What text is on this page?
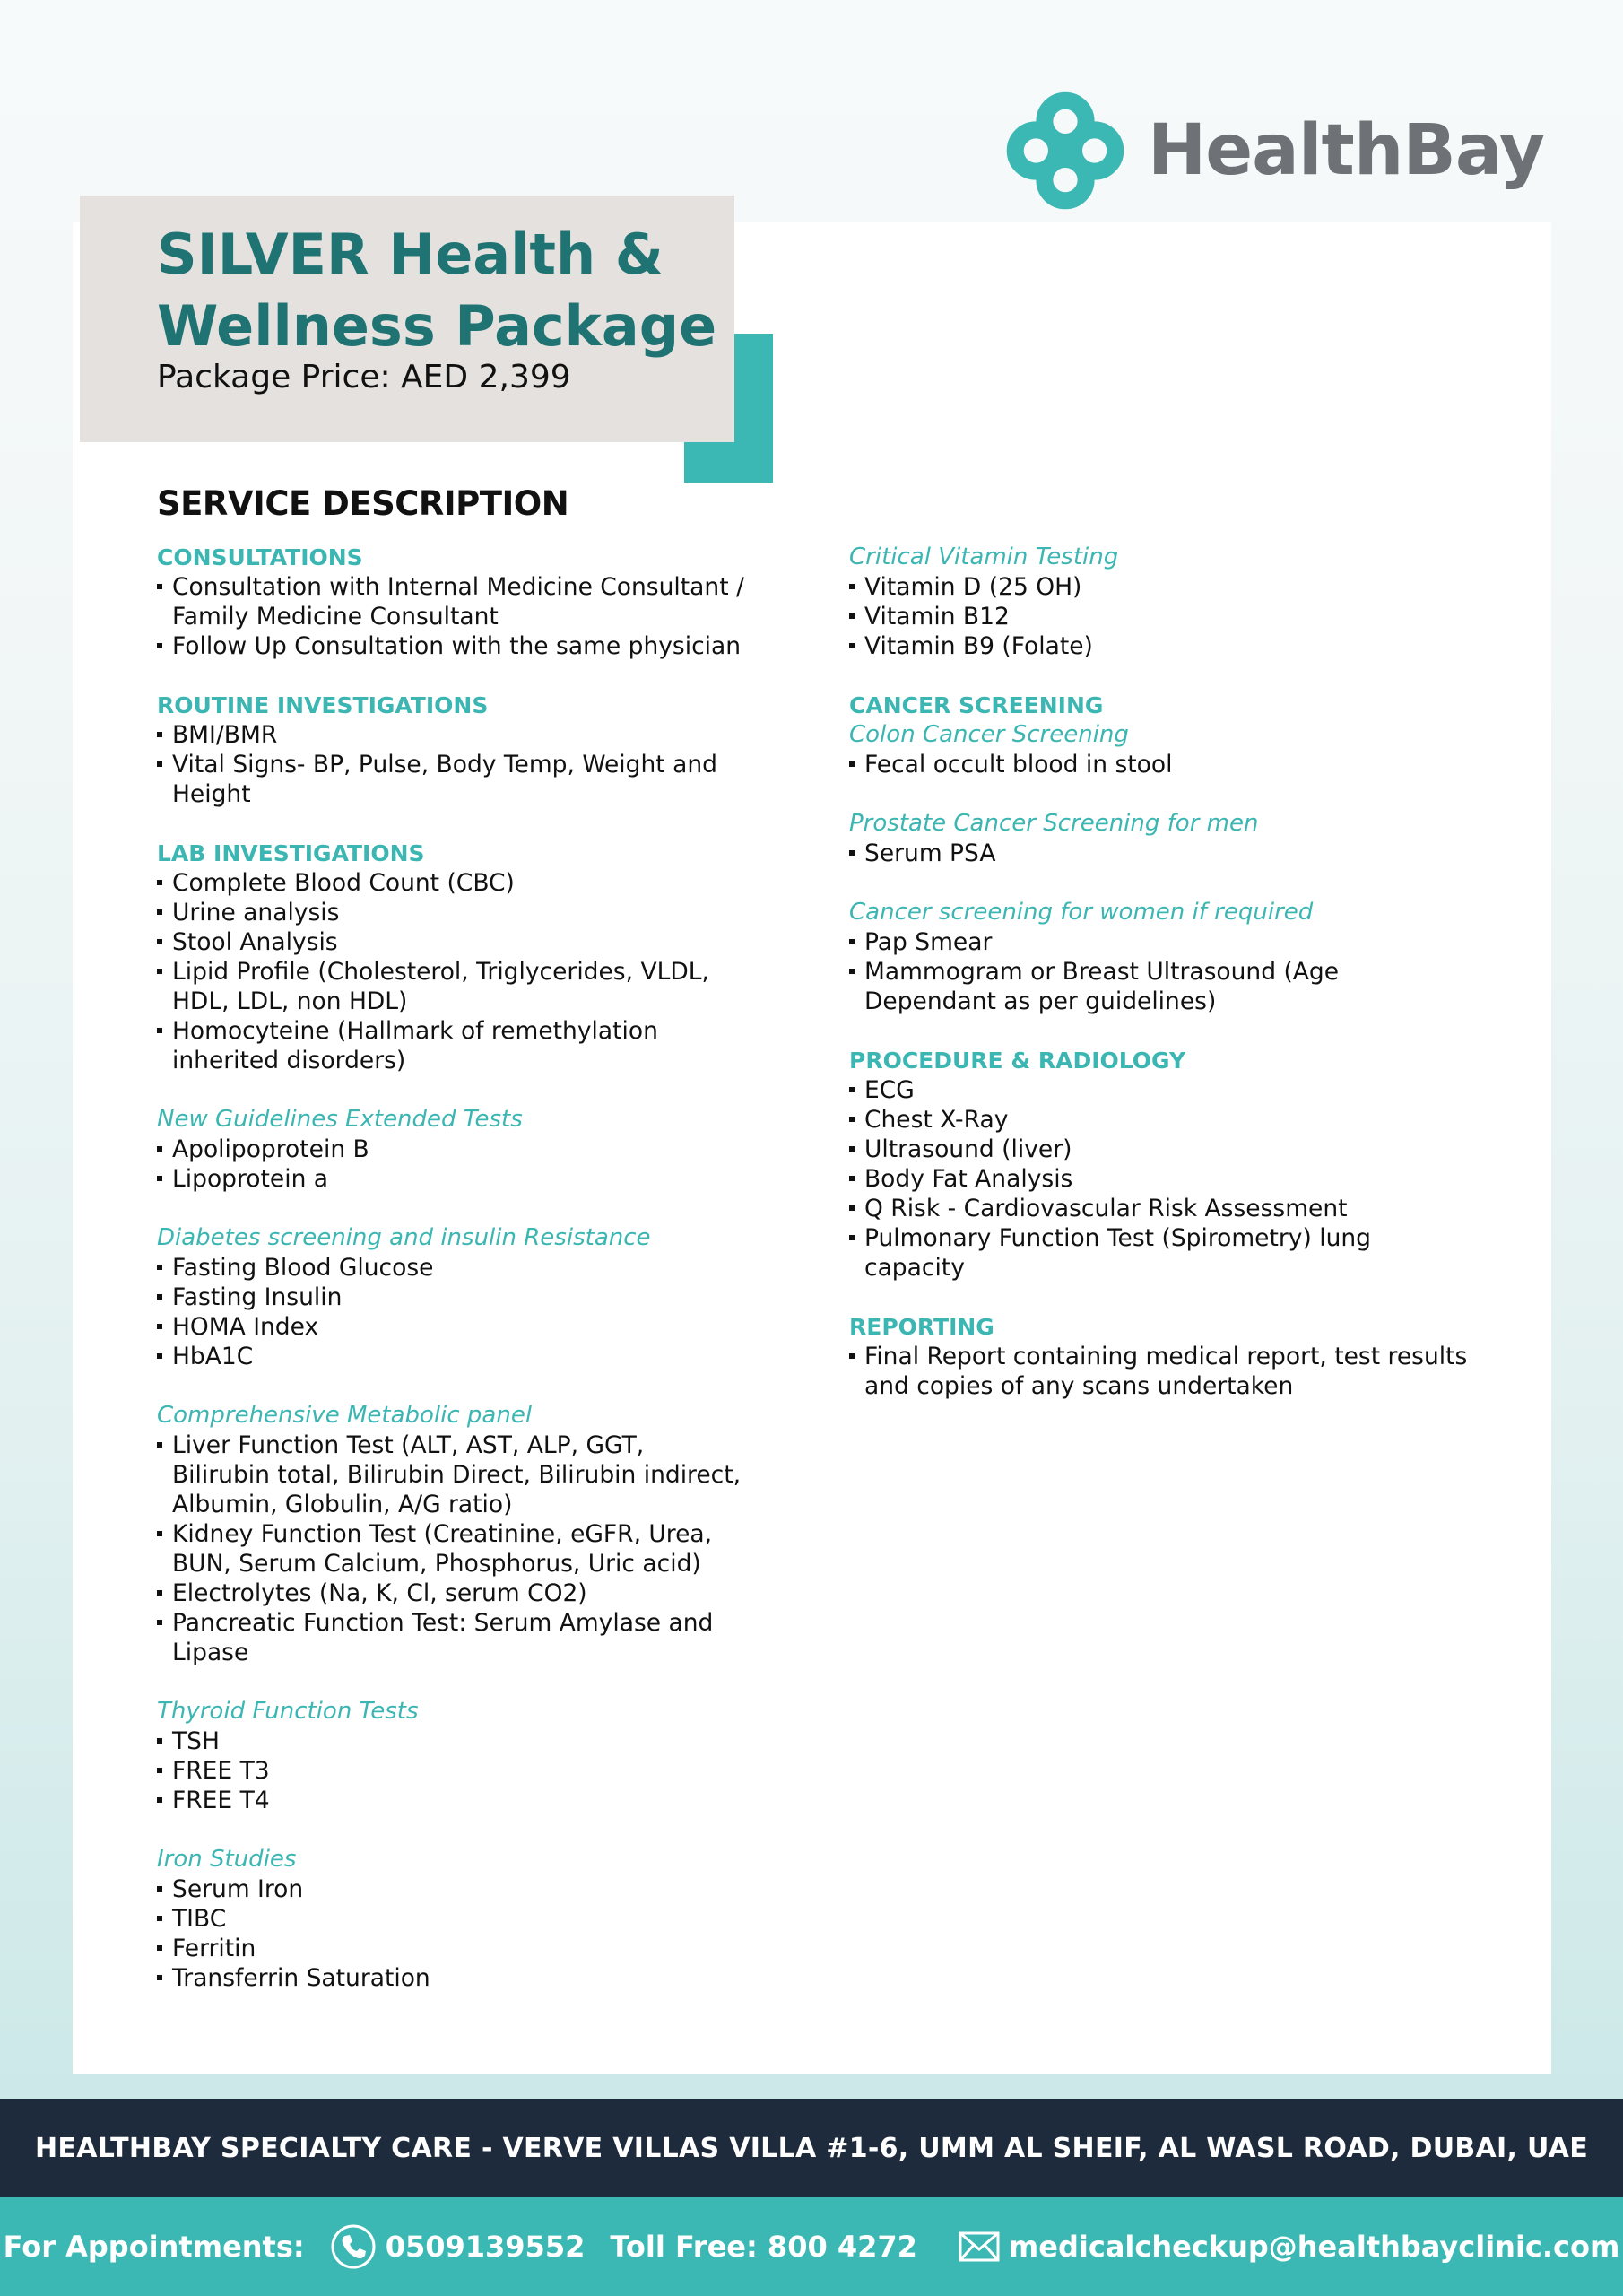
HealthBay
SILVER Health & Wellness Package
Package Price: AED 2,399
SERVICE DESCRIPTION
CONSULTATIONS
Consultation with Internal Medicine Consultant / Family Medicine Consultant
Follow Up Consultation with the same physician
ROUTINE INVESTIGATIONS
BMI/BMR
Vital Signs- BP, Pulse, Body Temp, Weight and Height
LAB INVESTIGATIONS
Complete Blood Count (CBC)
Urine analysis
Stool Analysis
Lipid Profile (Cholesterol, Triglycerides, VLDL, HDL, LDL, non HDL)
Homocyteine (Hallmark of remethylation inherited disorders)
New Guidelines Extended Tests
Apolipoprotein B
Lipoprotein a
Diabetes screening and insulin Resistance
Fasting Blood Glucose
Fasting Insulin
HOMA Index
HbA1C
Comprehensive Metabolic panel
Liver Function Test (ALT, AST, ALP, GGT, Bilirubin total, Bilirubin Direct, Bilirubin indirect, Albumin, Globulin, A/G ratio)
Kidney Function Test (Creatinine, eGFR, Urea, BUN, Serum Calcium, Phosphorus, Uric acid)
Electrolytes (Na, K, Cl, serum CO2)
Pancreatic Function Test: Serum Amylase and Lipase
Thyroid Function Tests
TSH
FREE T3
FREE T4
Iron Studies
Serum Iron
TIBC
Ferritin
Transferrin Saturation
Critical Vitamin Testing
Vitamin D (25 OH)
Vitamin B12
Vitamin B9 (Folate)
CANCER SCREENING
Colon Cancer Screening
Fecal occult blood in stool
Prostate Cancer Screening for men
Serum PSA
Cancer screening for women if required
Pap Smear
Mammogram or Breast Ultrasound (Age Dependant as per guidelines)
PROCEDURE & RADIOLOGY
ECG
Chest X-Ray
Ultrasound (liver)
Body Fat Analysis
Q Risk - Cardiovascular Risk Assessment
Pulmonary Function Test (Spirometry) lung capacity
REPORTING
Final Report containing medical report, test results and copies of any scans undertaken
HEALTHBAY SPECIALTY CARE - VERVE VILLAS VILLA #1-6, UMM AL SHEIF, AL WASL ROAD, DUBAI, UAE
For Appointments:	0509139552 Toll Free: 800 4272	medicalcheckup@healthbayclinic.com
